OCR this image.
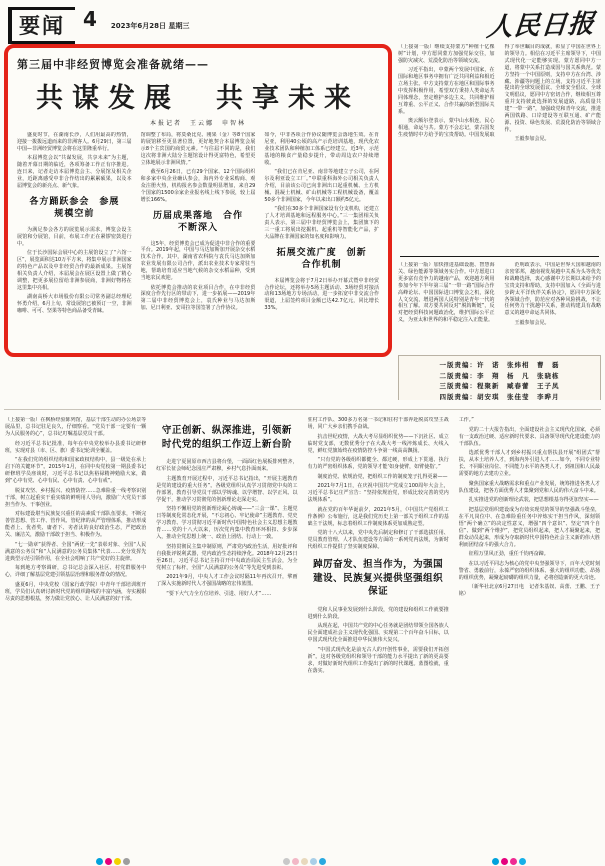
要闻 4 2023年6月28日 星期三	人民日报
第三届中非经贸博览会准备就绪——
共谋发展　共享未来
本报记者　王云娜　申智林

盛夏时节，在湖南长沙，人们用最高的热情，迎接一拨拨远道而来的非洲客人。6月29日，第三届中国—非洲经贸博览会将在这里隆重举行。

本届博览会以“共谋发展，共享未来”为主题，随着开幕日期的临近，各项筹备工作正有序推进。连日来，记者走访本届博览会主、分展馆及相关企业，近距离感受中非合作结出的累累硕果，以及本届博览会的新亮点、新气象。

各方踊跃参会　参展规模空前

为满足参会各方的展览展示需求，博览会设主展馆和分展馆，目前，布展工作正在紧锣密鼓进行中。

位于长沙国际会展中心的主展馆设立了“六馆一区”，展览面积达10万平方米，将集中展示非洲国家的特色产品以及中非经贸合作的最新成果。主展馆相关负责人介绍，本届展会在展区设置上做了精心调整，把更多展位留给非洲参展商，非洲好物将在这里集中亮相。

湖南高桥大市场股份有限公司常务副总经理纪怀勇介绍，6月上旬，常设展馆已被预订一空，非洲咖啡、可可、坚果等特色商品备受青睐。

馆调整了布局，将莫桑比克、刚果（金）等8个国家的展馆移至更显著位置，更好地契合本届博览会展示8个主宾国的商贸元素。“与往届不同的是，我们这次将非洲大陆分主题馆设计得更富特色，希望更立体地展示非洲风情。”

截至6月26日，已有29个国家、12个国际组织和多家中央企业确认参会，海内外专业采购商、观众注册火热，机构报名参会数量明显增加，来自29个国家的1500余家企业报名线上线下参展，较上届增长166%。

历届成果落地　合作不断深入

这5年，经贸博览会已成为促进中非合作的重要平台。2019年起，中国与马达加斯加开展杂交水稻技术合作。其中，湖南省农科院与袁氏马达加斯加农业发展有限公司合作，派出农业技术专家常驻当地，帮助培育适应当地气候的杂交水稻品种，受到当地农民欢迎。

依托博览会推动的农业项目合作，在中非经贸深度合作先行区的带动下，进一步拓展——2019年第二届中非经贸博览会上，袁氏种业与马达加斯加、尼日利亚、安哥拉等国签署了合作协议。

如今，中非各项合作协议随博览会落地生效。在肯尼亚，利用40公顷的高产示范培训基地，现代化农业技术团队和种植加工体系已经建立。近3年，示范基地的粮食产量稳步提升，带动周边农户持续增收。

“我们已在肯尼亚、南非等地建立子公司，在阿尔及利亚设立工厂。”中联重科海外公司相关负责人介绍，目前该公司已向非洲出口起重机械、土方机械、混凝土机械、矿山机械等工程机械设备，覆盖50多个非洲国家，今年以来出口额约5亿元。

“我们在30多个非洲国家设有分支机构，还建立了人才培训基地和远程服务中心。”三一集团相关负责人表示，第三届中非经贸博览会上，集团旗下的三一重工将展出挖掘机、起重机等智能化产品，扩大品牌在非洲国家的知名度和影响力。

拓展交流广度　创新合作机制

本届博览会将于7月2日举办开幕式暨中非经贸合作论坛，还将举办5场主题活动、3场经贸对接活动和13场地方专场活动，进一步拓宽中非交流合作渠道，上届签约项目金额已达42.7亿元，同比增长33%。

（上接第一版）继续支持蒙方“种植十亿棵树”计划，中方愿同蒙方加强党际交往，加强防灾减灾、荒漠化防治等领域交流。

习近平指出，中蒙两个发展中国家，在国际和地区事务中拥有广泛共同利益和相近立场主张。中方支持蒙方在地区和国际事务中发挥积极作用，希望双方秉持人类命运共同体理念，坚定维护多边主义，共同维护相互尊重、公平正义、合作共赢的新型国际关系。

奥云额尔登表示，蒙中山水相连，民心相通，命运与共。蒙方不会忘记，蒙古国发生疫情时中方给予的宝贵帮助。中国发展取得了举世瞩目的成就，彰显了中国在世界上的领导力。相信在习近平主席领导下，中国式现代化一定能够实现。蒙方愿同中方一道，将蒙中关系打造成国与国关系典范。蒙方坚持一个中国原则，支持中方在台湾、涉藏、涉疆等问题上的立场，支持习近平主席提出的全球发展倡议、全球安全倡议、全球文明倡议，愿同中方密切合作，继续相互尊重并支持彼此选择的发展道路，高质量共建“一带一路”，加强政党和青年交流，推进两国铁路、口岸建设等互联互通、矿产能源、投资、绿色发展、荒漠化防治等领域合作。

王毅参加会见。

（上接第一版）加快推进基础设施、智慧海关、绿色能源等领域务实合作。中方愿进口更多富有竞争力的越南产品，欢迎越方利用参加今年下半年第三届“一带一路”国际合作高峰论坛、中国国际进口博览会之机，深化人文交流，增进两国人民特别是青年一代的相互了解。双方要共同反对“脱钩断链”，反对把经贸科技问题政治化，维护国际公平正义，为亚太和世界的和平稳定注入正能量。

范明政表示，中国是世界大国和越南的亲密邻邦，越南视发展越中关系为头等优先和战略选择，衷心感谢中方长期以来给予的宝贵支持和帮助，支持中国加入《全面与进步跨太平洋伙伴关系协定》，愿同中方深化各领域合作，防范应对各种风险挑战，不让任何势力干扰越中关系，推动构建具有战略意义的越中命运共同体。

王毅参加会见。

一版责编：许　诺　张炜相　曹　磊
二版责编：李　翔　杨　凡　张晓栋
三版责编：程聚新　臧春蕾　王子凤
四版责编：胡安琪　张佳莹　李晔月

（上接第一版）在枫桥经验陈列馆，基层干部生动的办公场景等展品里，总书记驻足良久，仔细察看。“党员干部一定要有一颗为人民服务的心”，总书记叮嘱基层党员干部。

经习近平总书记批准，每年在中央党校举办县委书记研修班，实现对县（市、区、旗）委书记轮训全覆盖。

“在我们党的组织结构和国家政权结构中，县一级处在承上启下的关键环节”。2015年1月，在同中央党校第一期县委书记研修班学员座谈时，习近平总书记以焦裕禄精神勉励大家，做到“心中有党、心中有民、心中有责、心中有戒”。

脱贫攻坚、乡村振兴、疫情防控……急难险重一线考察识别干部，树立起重实干重实绩的鲜明用人导向，激励广大党员干部担当作为、干事创业。

对标建设堪当民族复兴重任的高素质干部队伍要求，不断完善管思想、管工作、管作风、管纪律的从严管理体系，推动形成能者上、优者奖、庸者下、劣者汰的良好政治生态，严把政治关、廉洁关，激励干部敢于担当、积极作为。

“七一勋章”获得者、全国“两优一先”表彰对象、全国“人民满意的公务员”和“人民满意的公务员集体”代表……充分发挥先进典型示范引领作用，在全社会唱响了共产党好的主旋律。

每到地方考察调研，总书记总会深入社区、村党群服务中心，详细了解基层党建引领基层治理和服务群众的情况。

盛夏6月，中央党校（国家行政学院）中青年干部培训班开班，学员们认真研讨新时代党的组织路线的丰富内涵，夯实履职尽责的思想根基，努力做让党放心、让人民满意的好干部。

守正创新、纵深推进，引领新时代党的组织工作迈上新台阶

走进宁夏固原市西吉县将台堡，一面面红色展板排列整齐，红军长征会师纪念园庄严肃穆，乡村气息扑面而来。

主题教育开展过程中，习近平总书记指出，“开展主题教育是党的建设的重大任务”。各级党组织认真学习贯彻党中央的工作部署，教育引导党员干部以学铸魂、以学增智、以学正风、以学促干，推动学习贯彻党的创新理论走深走实。

坚持不懈用党的创新理论凝心铸魂——“三会一课”、主题党日等制度化常态化开展，“不忘初心、牢记使命”主题教育、党史学习教育、学习贯彻习近平新时代中国特色社会主义思想主题教育……党的十八大以来，历次党内集中教育环环相扣、步步深入，推动全党思想上统一、政治上团结、行动上一致。

坚持贯彻民主集中制原则，严肃党内政治生活，用好批评和自我批评锐利武器，党内政治生态持续净化。2018年12月25日至26日，习近平总书记主持召开中央政治局民主生活会，为全党树立了标杆，全国“人民满意的公务员”等先进受到表彰。

2021年9月，中央人才工作会议时隔11年再次召开，擘画了深入实施新时代人才强国战略的宏伟蓝图。

“要下大气力全方位培养、引进、用好人才”……

驻村工作队、300多万名第一书记和驻村干部奔赴脱贫攻坚主战场，同广大乡亲们携手奋战。

抗击世纪疫情，大战大考尽显组织优势——下沉社区、成立临时党支部，无数优秀分子在大战大考一线淬炼成长、火线入党，鲜红党旗始终在疫情防控斗争第一线高高飘扬。

“只有党的各级组织都健全、都过硬，形成上下贯通、执行有力的严密组织体系，党的领导才能‘如身使臂，如臂使指’。”

制度治党、依规治党，把组织工作的制度笼子扎得更紧——

2021年7月1日，在庆祝中国共产党成立100周年大会上，习近平总书记庄严宣告：“坚持依规治党，形成比较完善的党内法规体系”。

就在党的百年华诞前夕，2021年5月，《中国共产党组织工作条例》公布施行，这是我们党历史上第一部关于组织工作的基础主干法规，标志着组织工作制度体系更加成熟定型。

党的十八大以来，党中央先后制定和修订了干部选拔任用、党员教育管理、人才队伍建设等方面的一系列党内法规，为新时代组织工作提供了坚实制度保障。

踔厉奋发、担当作为，为强国建设、民族复兴提供坚强组织保证

党和人民事业发展到什么阶段，党的建设和组织工作就要推进到什么阶段。

从现在起，中国共产党的中心任务就是团结带领全国各族人民全面建成社会主义现代化强国、实现第二个百年奋斗目标，以中国式现代化全面推进中华民族伟大复兴。

“中国式现代化是前无古人的开创性事业，需要我们开拓创新”。这对各级党组织和领导干部的能力水平提出了新的更高要求，对做好新时代组织工作提出了新的时代课题。蓝图绘就，重在落实。

工作。”

党的二十大报告指出，全面建设社会主义现代化国家，必须有一支政治过硬、适应新时代要求、具备领导现代化建设能力的干部队伍。

选派优秀干部人才到乡村振兴重点帮扶县开展“组团式”帮扶，从本土培养人才，到海内外引进人才……如今，不同专业特长、不同职业岗位、不同能力水平的各类人才，到祖国和人民最需要的地方去建功立业。

聚焦国家重大战略需求和重点产业发展，统筹推进各类人才队伍建设，把各方面优秀人才集聚到党和人民的伟大奋斗中来。

扎实推进党的创新理论武装，把思想根基夯得更加坚实——

把基层党组织建设成为有效实现党的领导的坚强战斗堡垒，在平凡岗位中、在急难险重任务中淬炼实干担当作风，深刻领悟“两个确立”的决定性意义，增强“四个意识”、坚定“四个自信”、做到“两个维护”，把党员组织起来，把人才凝聚起来，把群众动员起来，形成为夺取新时代中国特色社会主义新的伟大胜利而团结奋斗的强大合力。

征程万里风正劲，重任千钧再奋蹄。

在以习近平同志为核心的党中央坚强领导下，百年大党时刻警省、勇毅前行，永葆严密的组织体系、强大的组织功能、昂扬的组织优势，凝聚起磅礴的组织力量，必将创造新的更大奇迹。

（新华社北京6月27日电　记者朱基钗、高蕾、王鹏、王子铭）
